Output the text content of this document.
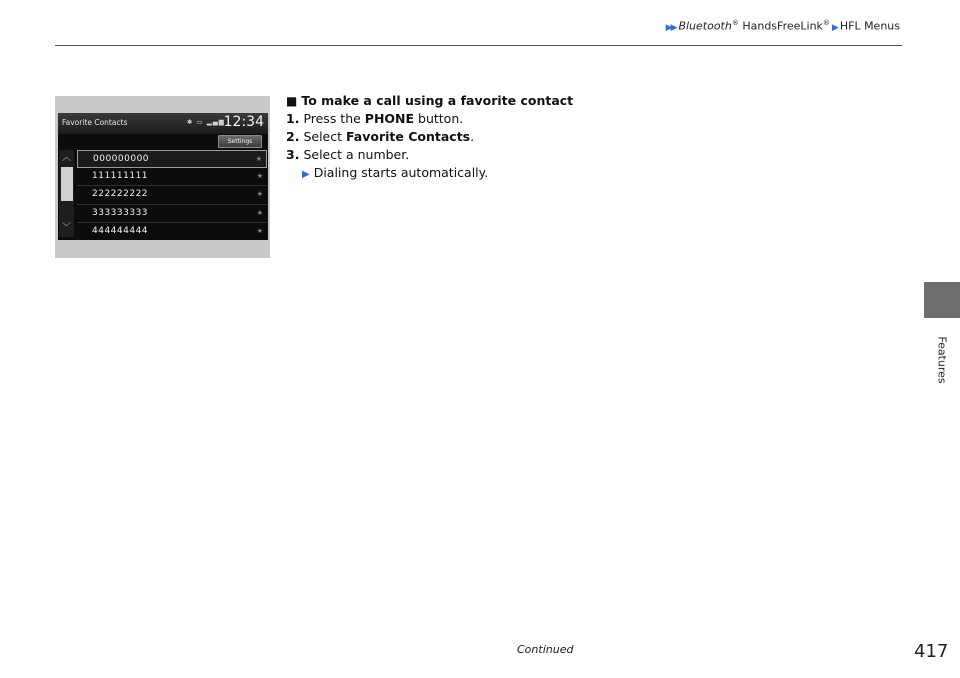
▶▶ Bluetooth® HandsFreeLink® ▶ HFL Menus
Features
Favorite Contacts	✱ ▭ ▂▄▆
12:34
Settings
︿
﹀
000000000	★
111111111	★
222222222	★
333333333	★
444444444	★
■ To make a call using a favorite contact
1. Press the PHONE button.
2. Select Favorite Contacts.
3. Select a number.
▶ Dialing starts automatically.
Continued	417
